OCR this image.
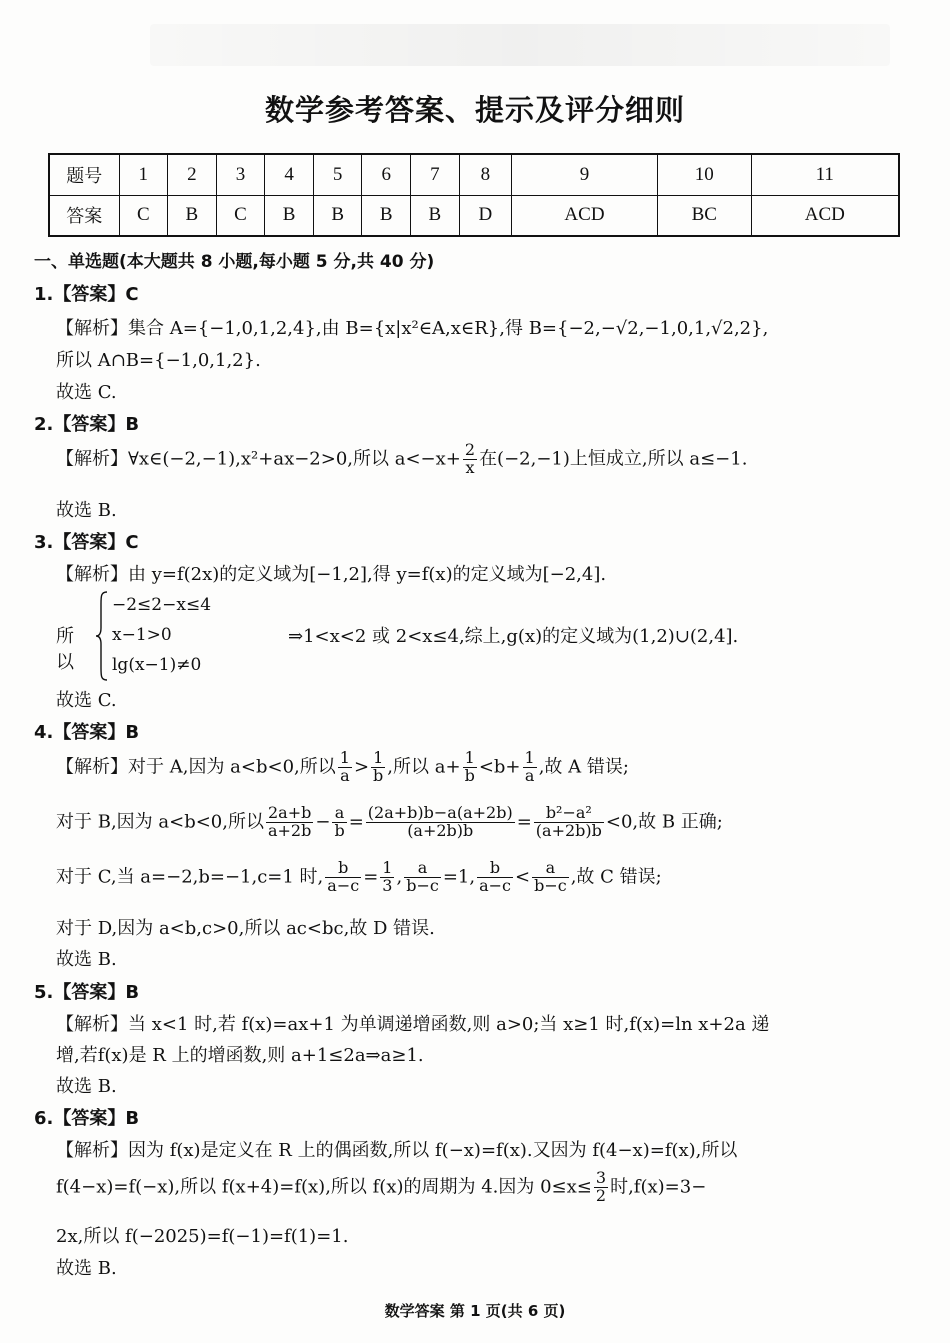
数学参考答案、提示及评分细则
题号	1	2	3	4	5	6	7	8	9	10	11
答案	C	B	C	B	B	B	B	D	ACD	BC	ACD
一、单选题(本大题共 8 小题,每小题 5 分,共 40 分)
1.【答案】C
【解析】集合 A={−1,0,1,2,4},由 B={x|x²∈A,x∈R},得 B={−2,−√2,−1,0,1,√2,2},
所以 A∩B={−1,0,1,2}.
故选 C.
2.【答案】B
【解析】∀x∈(−2,−1),x²+ax−2>0,所以 $a<-x+ \frac{2}{x}$ 在(−2,−1)上恒成立,所以 a≤−1.
故选 B.
3.【答案】C
【解析】由 y=f(2x)的定义域为[−1,2],得 y=f(x)的定义域为[−2,4].
所以
−2≤2−x≤4
x−1>0
lg(x−1)≠0
⇒1<x<2 或 2<x≤4,综上,g(x)的定义域为(1,2)∪(2,4].
故选 C.
4.【答案】B
【解析】对于 A,因为 a<b<0,所以 $\frac{1}{a} > \frac{1}{b}$ ,所以 $a+ \frac{1}{b} <b+ \frac{1}{a}$ ,故 A 错误;
对于 B,因为 a<b<0,所以 $\frac{2a+b}{a+2b} - \frac{a}{b} = \frac{(2a+b)b-a(a+2b)}{(a+2b)b} = \frac{\text{b²−a²}}{(a+2b)b} <0$,故 B 正确;
对于 C,当 a=−2,b=−1,c=1 时, $\frac{b}{a-c} = \frac{1}{3}$ , $\frac{a}{b-c} =1$, $\frac{b}{a-c} < \frac{a}{b-c}$ ,故 C 错误;
对于 D,因为 a<b,c>0,所以 ac<bc,故 D 错误.
故选 B.
5.【答案】B
【解析】当 x<1 时,若 f(x)=ax+1 为单调递增函数,则 a>0;当 x≥1 时,f(x)=ln x+2a 递
增,若f(x)是 R 上的增函数,则 a+1≤2a⇒a≥1.
故选 B.
6.【答案】B
【解析】因为 f(x)是定义在 R 上的偶函数,所以 f(−x)=f(x).又因为 f(4−x)=f(x),所以
f(4−x)=f(−x),所以 f(x+4)=f(x),所以 f(x)的周期为 4.因为 $0\le x\le \frac{3}{2}$ 时,f(x)=3−
2x,所以 f(−2025)=f(−1)=f(1)=1.
故选 B.
数学答案 第 1 页(共 6 页)
